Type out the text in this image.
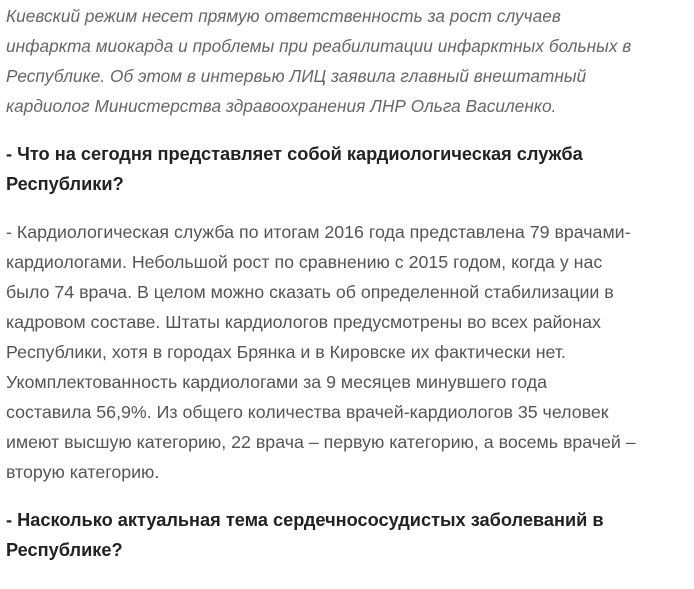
Киевский режим несет прямую ответственность за рост случаев инфаркта миокарда и проблемы при реабилитации инфарктных больных в Республике. Об этом в интервью ЛИЦ заявила главный внештатный кардиолог Министерства здравоохранения ЛНР Ольга Василенко.

- Что на сегодня представляет собой кардиологическая служба Республики?

- Кардиологическая служба по итогам 2016 года представлена 79 врачами-кардиологами. Небольшой рост по сравнению с 2015 годом, когда у нас было 74 врача. В целом можно сказать об определенной стабилизации в кадровом составе. Штаты кардиологов предусмотрены во всех районах Республики, хотя в городах Брянка и в Кировске их фактически нет. Укомплектованность кардиологами за 9 месяцев минувшего года составила 56,9%. Из общего количества врачей-кардиологов 35 человек имеют высшую категорию, 22 врача – первую категорию, а восемь врачей – вторую категорию.

- Насколько актуальная тема сердечнососудистых заболеваний в Республике?
